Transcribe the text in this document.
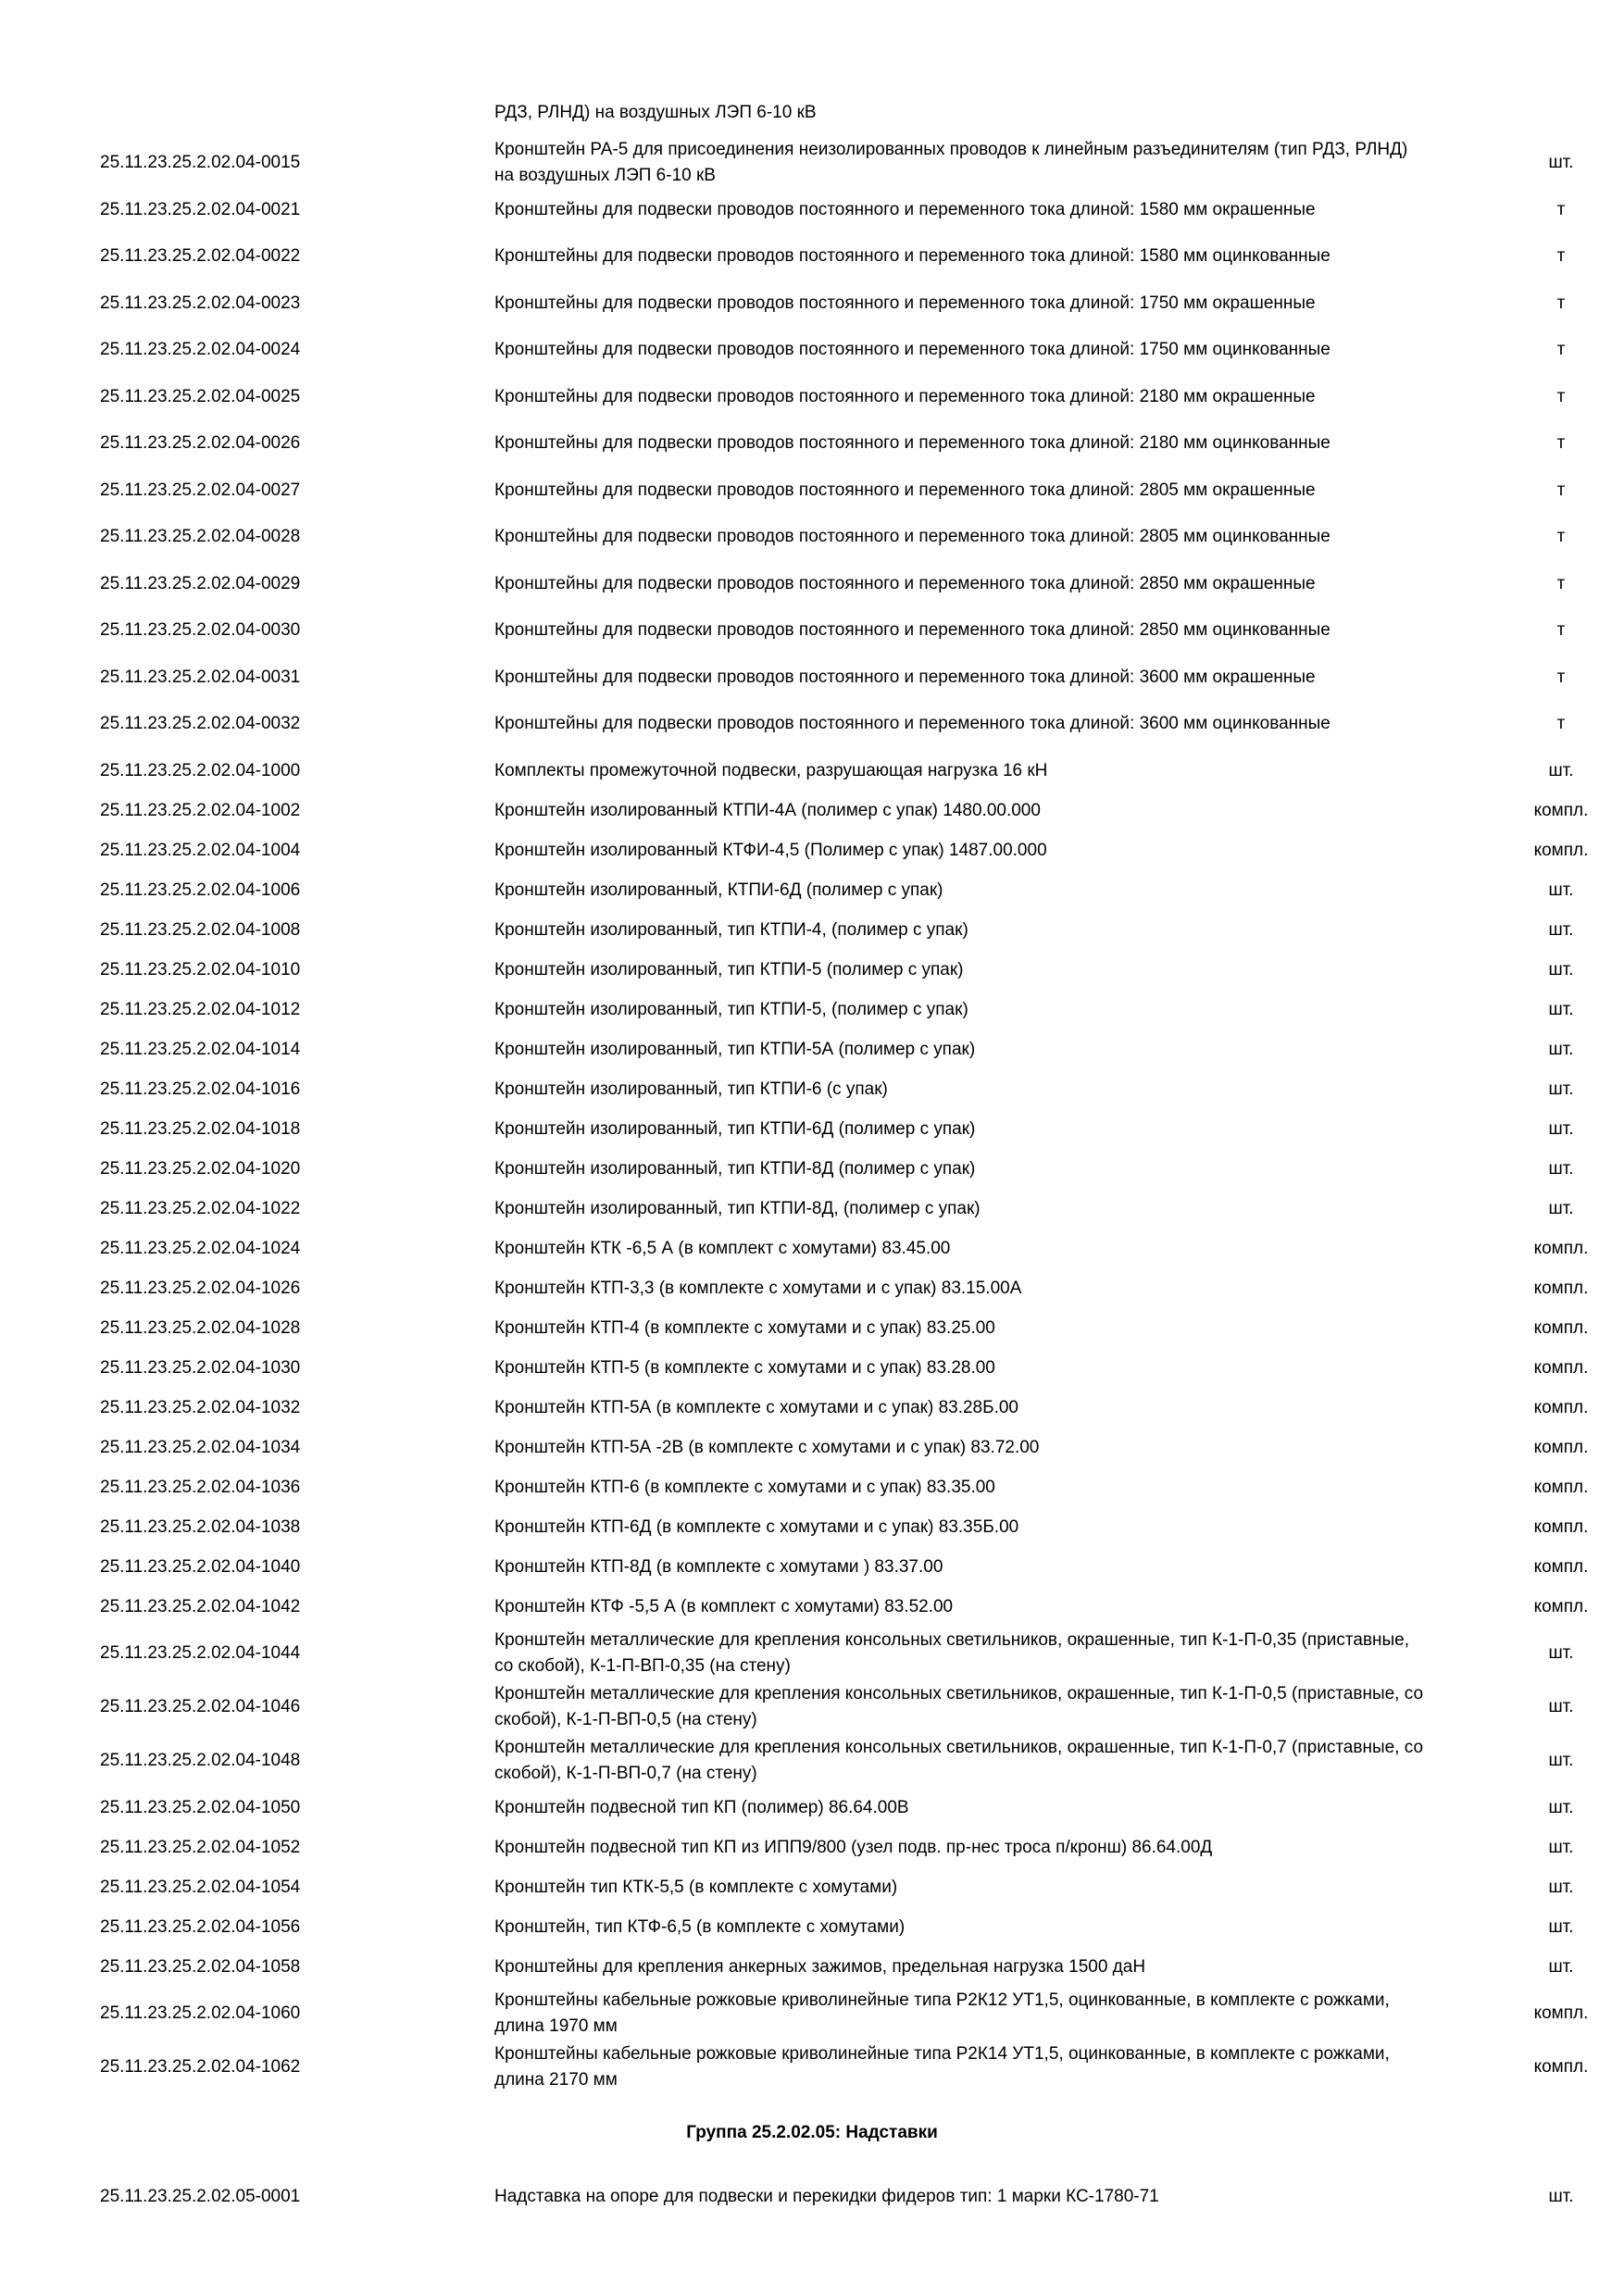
РДЗ, РЛНД) на воздушных ЛЭП 6-10 кВ
25.11.23.25.2.02.04-0015	Кронштейн РА-5 для присоединения неизолированных проводов к линейным разъединителям (тип РДЗ, РЛНД) на воздушных ЛЭП 6-10 кВ	шт.
25.11.23.25.2.02.04-0021	Кронштейны для подвески проводов постоянного и переменного тока длиной: 1580 мм окрашенные	т
25.11.23.25.2.02.04-0022	Кронштейны для подвески проводов постоянного и переменного тока длиной: 1580 мм оцинкованные	т
25.11.23.25.2.02.04-0023	Кронштейны для подвески проводов постоянного и переменного тока длиной: 1750 мм окрашенные	т
25.11.23.25.2.02.04-0024	Кронштейны для подвески проводов постоянного и переменного тока длиной: 1750 мм оцинкованные	т
25.11.23.25.2.02.04-0025	Кронштейны для подвески проводов постоянного и переменного тока длиной: 2180 мм окрашенные	т
25.11.23.25.2.02.04-0026	Кронштейны для подвески проводов постоянного и переменного тока длиной: 2180 мм оцинкованные	т
25.11.23.25.2.02.04-0027	Кронштейны для подвески проводов постоянного и переменного тока длиной: 2805 мм окрашенные	т
25.11.23.25.2.02.04-0028	Кронштейны для подвески проводов постоянного и переменного тока длиной: 2805 мм оцинкованные	т
25.11.23.25.2.02.04-0029	Кронштейны для подвески проводов постоянного и переменного тока длиной: 2850 мм окрашенные	т
25.11.23.25.2.02.04-0030	Кронштейны для подвески проводов постоянного и переменного тока длиной: 2850 мм оцинкованные	т
25.11.23.25.2.02.04-0031	Кронштейны для подвески проводов постоянного и переменного тока длиной: 3600 мм окрашенные	т
25.11.23.25.2.02.04-0032	Кронштейны для подвески проводов постоянного и переменного тока длиной: 3600 мм оцинкованные	т
25.11.23.25.2.02.04-1000	Комплекты промежуточной подвески, разрушающая нагрузка 16 кН	шт.
25.11.23.25.2.02.04-1002	Кронштейн изолированный КТПИ-4А (полимер с упак) 1480.00.000	компл.
25.11.23.25.2.02.04-1004	Кронштейн изолированный КТФИ-4,5 (Полимер с упак) 1487.00.000	компл.
25.11.23.25.2.02.04-1006	Кронштейн изолированный, КТПИ-6Д (полимер с упак)	шт.
25.11.23.25.2.02.04-1008	Кронштейн изолированный, тип КТПИ-4, (полимер с упак)	шт.
25.11.23.25.2.02.04-1010	Кронштейн изолированный, тип КТПИ-5 (полимер с упак)	шт.
25.11.23.25.2.02.04-1012	Кронштейн изолированный, тип КТПИ-5, (полимер с упак)	шт.
25.11.23.25.2.02.04-1014	Кронштейн изолированный, тип КТПИ-5А (полимер с упак)	шт.
25.11.23.25.2.02.04-1016	Кронштейн изолированный, тип КТПИ-6 (с упак)	шт.
25.11.23.25.2.02.04-1018	Кронштейн изолированный, тип КТПИ-6Д (полимер с упак)	шт.
25.11.23.25.2.02.04-1020	Кронштейн изолированный, тип КТПИ-8Д (полимер с упак)	шт.
25.11.23.25.2.02.04-1022	Кронштейн изолированный, тип КТПИ-8Д, (полимер с упак)	шт.
25.11.23.25.2.02.04-1024	Кронштейн КТК -6,5 А (в комплект с хомутами) 83.45.00	компл.
25.11.23.25.2.02.04-1026	Кронштейн КТП-3,3 (в комплекте с хомутами и с упак) 83.15.00А	компл.
25.11.23.25.2.02.04-1028	Кронштейн КТП-4 (в комплекте с хомутами и с упак) 83.25.00	компл.
25.11.23.25.2.02.04-1030	Кронштейн КТП-5 (в комплекте с хомутами и с упак) 83.28.00	компл.
25.11.23.25.2.02.04-1032	Кронштейн КТП-5А (в комплекте с хомутами и с упак) 83.28Б.00	компл.
25.11.23.25.2.02.04-1034	Кронштейн КТП-5А -2В (в комплекте с хомутами и с упак) 83.72.00	компл.
25.11.23.25.2.02.04-1036	Кронштейн КТП-6 (в комплекте с хомутами и с упак) 83.35.00	компл.
25.11.23.25.2.02.04-1038	Кронштейн КТП-6Д (в комплекте с хомутами и с упак) 83.35Б.00	компл.
25.11.23.25.2.02.04-1040	Кронштейн КТП-8Д (в комплекте с хомутами ) 83.37.00	компл.
25.11.23.25.2.02.04-1042	Кронштейн КТФ -5,5 А (в комплект с хомутами) 83.52.00	компл.
25.11.23.25.2.02.04-1044	Кронштейн металлические для крепления консольных светильников, окрашенные, тип К-1-П-0,35 (приставные, со скобой), К-1-П-ВП-0,35 (на стену)	шт.
25.11.23.25.2.02.04-1046	Кронштейн металлические для крепления консольных светильников, окрашенные, тип К-1-П-0,5 (приставные, со скобой), К-1-П-ВП-0,5 (на стену)	шт.
25.11.23.25.2.02.04-1048	Кронштейн металлические для крепления консольных светильников, окрашенные, тип К-1-П-0,7 (приставные, со скобой), К-1-П-ВП-0,7 (на стену)	шт.
25.11.23.25.2.02.04-1050	Кронштейн подвесной тип КП (полимер) 86.64.00В	шт.
25.11.23.25.2.02.04-1052	Кронштейн подвесной тип КП из ИПП9/800 (узел подв. пр-нес троса п/кронш) 86.64.00Д	шт.
25.11.23.25.2.02.04-1054	Кронштейн тип КТК-5,5 (в комплекте с хомутами)	шт.
25.11.23.25.2.02.04-1056	Кронштейн, тип КТФ-6,5 (в комплекте с хомутами)	шт.
25.11.23.25.2.02.04-1058	Кронштейны для крепления анкерных зажимов, предельная нагрузка 1500 даН	шт.
25.11.23.25.2.02.04-1060	Кронштейны кабельные рожковые криволинейные типа Р2К12 УТ1,5, оцинкованные, в комплекте с рожками, длина 1970 мм	компл.
25.11.23.25.2.02.04-1062	Кронштейны кабельные рожковые криволинейные типа Р2К14 УТ1,5, оцинкованные, в комплекте с рожками, длина 2170 мм	компл.
Группа 25.2.02.05: Надставки
25.11.23.25.2.02.05-0001	Надставка на опоре для подвески и перекидки фидеров тип: 1 марки КС-1780-71	шт.
